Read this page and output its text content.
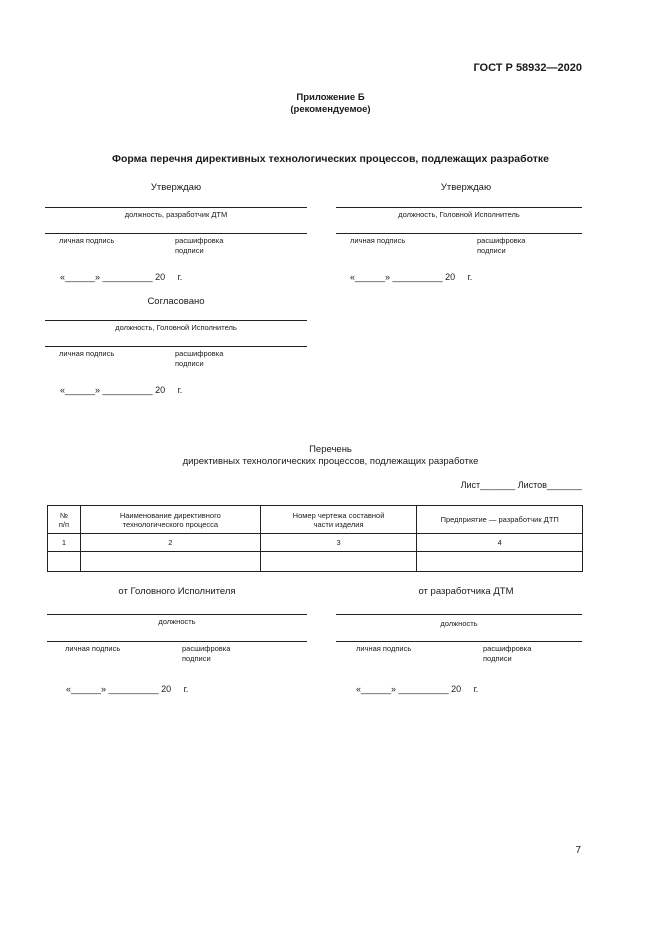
ГОСТ Р 58932—2020
Приложение Б
(рекомендуемое)
Форма перечня директивных технологических процессов, подлежащих разработке
Утверждаю
должность, разработчик ДТМ
личная подпись	расшифровка подписи
«______» __________ 20     г.
Утверждаю
должность, Головной Исполнитель
личная подпись	расшифровка подписи
«______» __________ 20     г.
Согласовано
должность, Головной Исполнитель
личная подпись	расшифровка подписи
«______» __________ 20     г.
Перечень
директивных технологических процессов, подлежащих разработке
Лист_______ Листов_______
№ п/п	Наименование директивного технологического процесса	Номер чертежа составной части изделия	Предприятие — разработчик ДТП
1	2	3	4

от Головного Исполнителя
должность
личная подпись	расшифровка подписи
«______» __________ 20     г.
от разработчика ДТМ
должность
личная подпись	расшифровка подписи
«______» __________ 20     г.
7
